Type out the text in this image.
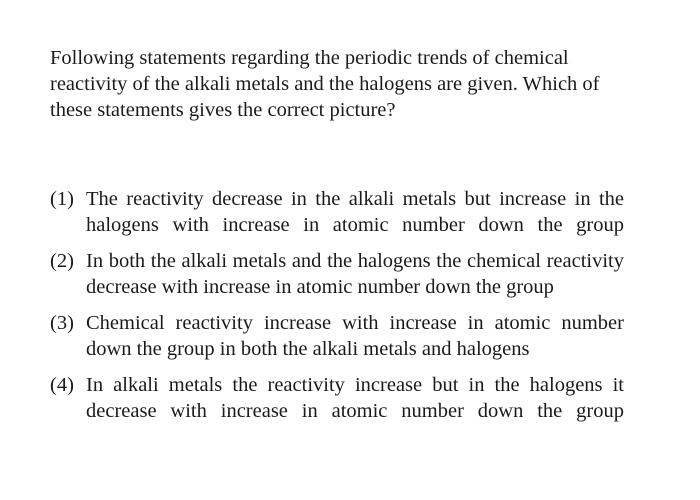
Following statements regarding the periodic trends of chemical reactivity of the alkali metals and the halogens are given. Which of these statements gives the correct picture?

(1) The reactivity decrease in the alkali metals but increase in the halogens with increase in atomic number down the group
(2) In both the alkali metals and the halogens the chemical reactivity decrease with increase in atomic number down the group
(3) Chemical reactivity increase with increase in atomic number down the group in both the alkali metals and halogens
(4) In alkali metals the reactivity increase but in the halogens it decrease with increase in atomic number down the group
